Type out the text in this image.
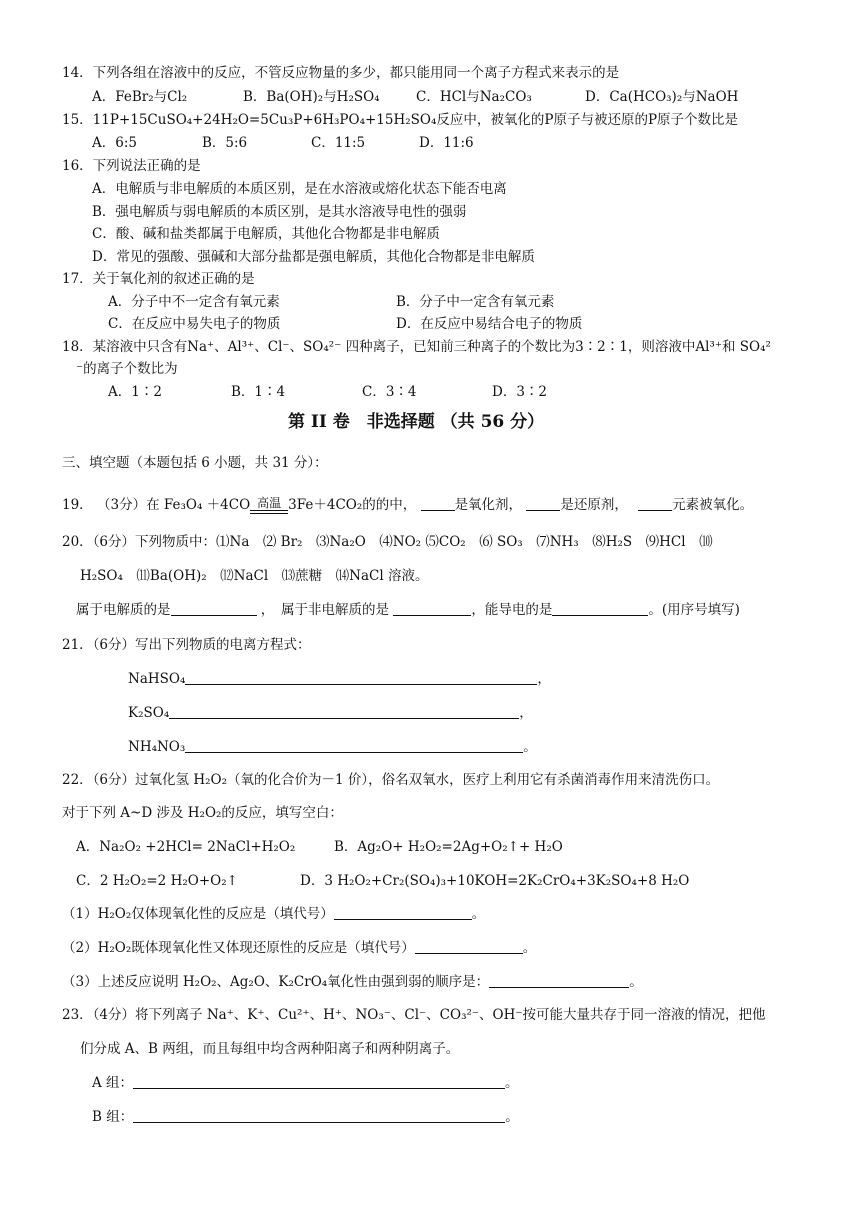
14．下列各组在溶液中的反应，不管反应物量的多少，都只能用同一个离子方程式来表示的是
A．FeBr₂与Cl₂	B．Ba(OH)₂与H₂SO₄	C．HCl与Na₂CO₃	D．Ca(HCO₃)₂与NaOH
15．11P+15CuSO₄+24H₂O=5Cu₃P+6H₃PO₄+15H₂SO₄反应中，被氧化的P原子与被还原的P原子个数比是
A．6:5	B．5:6	C．11:5	D．11:6
16．下列说法正确的是
A．电解质与非电解质的本质区别，是在水溶液或熔化状态下能否电离
B．强电解质与弱电解质的本质区别，是其水溶液导电性的强弱
C．酸、碱和盐类都属于电解质，其他化合物都是非电解质
D．常见的强酸、强碱和大部分盐都是强电解质，其他化合物都是非电解质
17．关于氧化剂的叙述正确的是
A．分子中不一定含有氧元素	B．分子中一定含有氧元素
C．在反应中易失电子的物质	D．在反应中易结合电子的物质
18．某溶液中只含有Na⁺、Al³⁺、Cl⁻、SO₄²⁻ 四种离子，已知前三种离子的个数比为3∶2∶1，则溶液中Al³⁺和 SO₄²
⁻的离子个数比为
A．1∶2	B．1∶4	C．3∶4	D．3∶2
第 II 卷　非选择题 （共 56 分）
三、填空题（本题包括 6 小题，共 31 分）：
19． （3分）在 Fe₃O₄ ＋4CO 高温 3Fe＋4CO₂的的中，	是氧化剂，	是还原剂，	元素被氧化。
20．（6分）下列物质中：⑴Na　⑵ Br₂　⑶Na₂O　⑷NO₂ ⑸CO₂　⑹ SO₃　⑺NH₃　⑻H₂S　⑼HCl　⑽
H₂SO₄　⑾Ba(OH)₂　⑿NaCl　⒀蔗糖　⒁NaCl 溶液。
属于电解质的是	，　属于非电解质的是	，能导电的是	。(用序号填写)
21．（6分）写出下列物质的电离方程式：
NaHSO₄	，
K₂SO₄	，
NH₄NO₃	。
22．（6分）过氧化氢 H₂O₂（氧的化合价为－1 价），俗名双氧水，医疗上利用它有杀菌消毒作用来清洗伤口。
对于下列 A~D 涉及 H₂O₂的反应，填写空白：
A．Na₂O₂ +2HCl= 2NaCl+H₂O₂	B．Ag₂O+ H₂O₂=2Ag+O₂↑+ H₂O
C．2 H₂O₂=2 H₂O+O₂↑	D．3 H₂O₂+Cr₂(SO₄)₃+10KOH=2K₂CrO₄+3K₂SO₄+8 H₂O
（1）H₂O₂仅体现氧化性的反应是（填代号）	。
（2）H₂O₂既体现氧化性又体现还原性的反应是（填代号）	。
（3）上述反应说明 H₂O₂、Ag₂O、K₂CrO₄氧化性由强到弱的顺序是：	。
23．（4分）将下列离子 Na⁺、K⁺、Cu²⁺、H⁺、NO₃⁻、Cl⁻、CO₃²⁻、OH⁻按可能大量共存于同一溶液的情况，把他
们分成 A、B 两组，而且每组中均含两种阳离子和两种阴离子。
A 组：	。
B 组：	。
